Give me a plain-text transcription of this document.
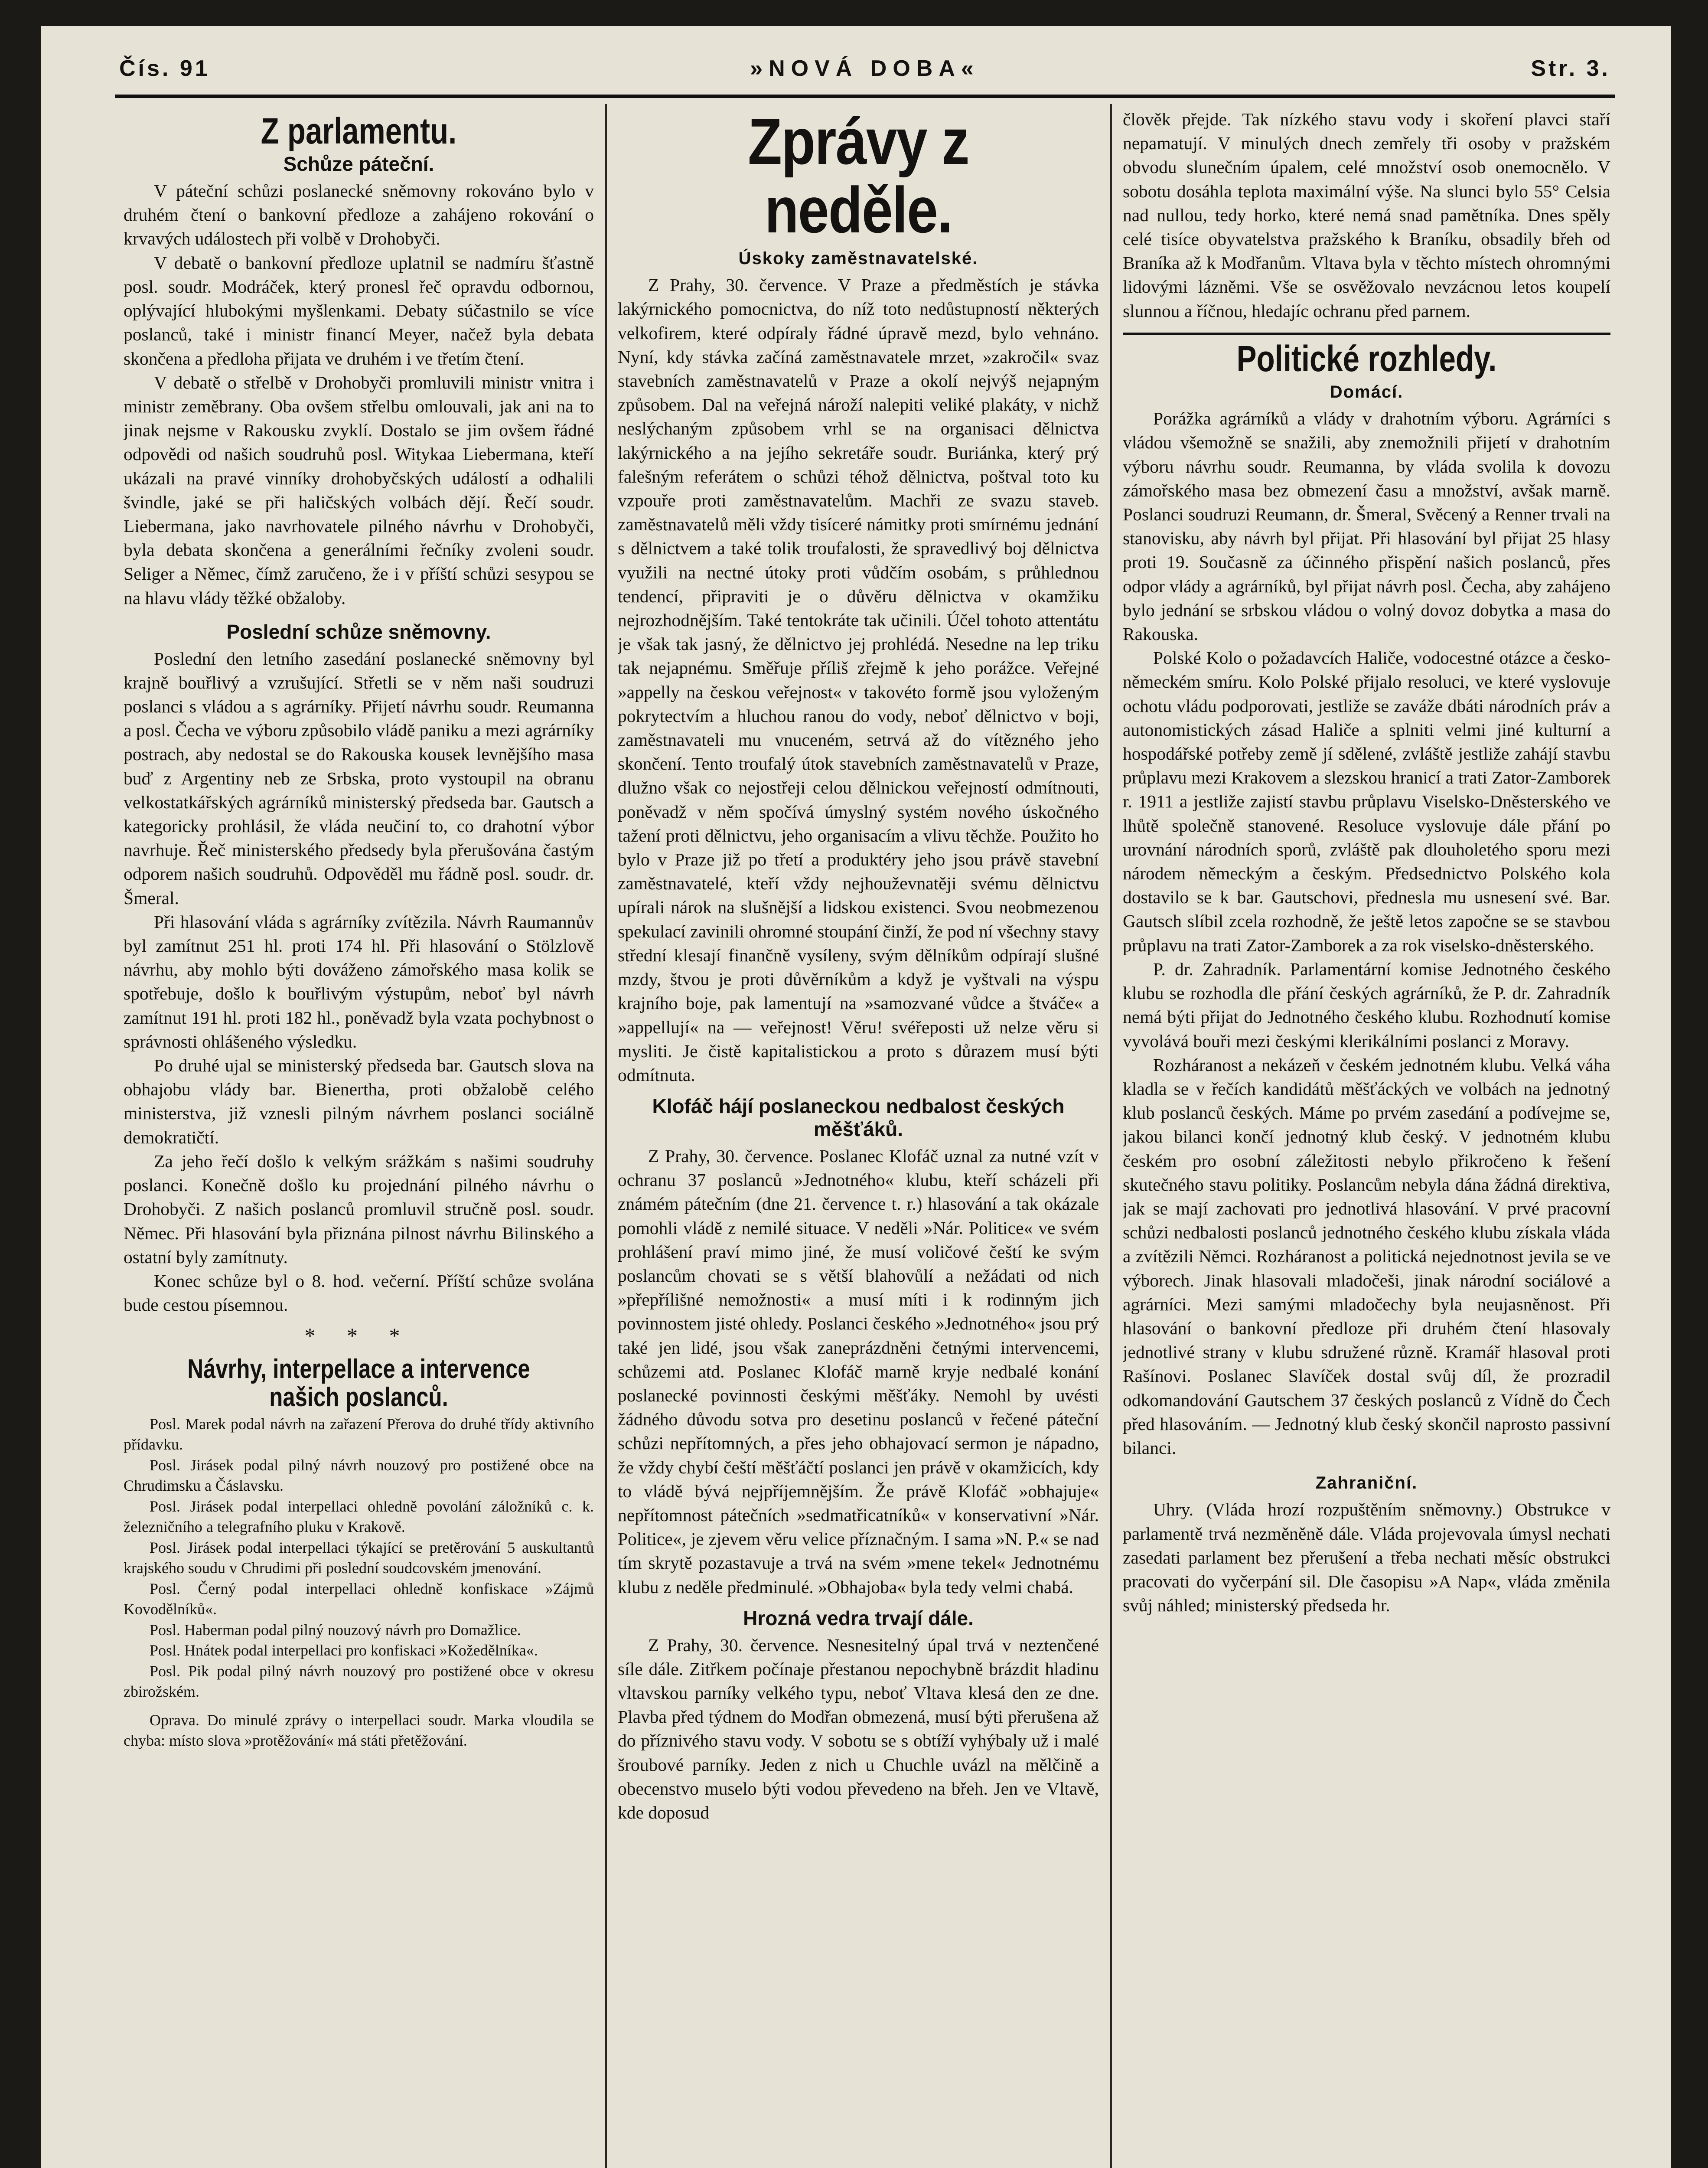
Čís. 91	»NOVÁ DOBA«	Str. 3.
Z parlamentu.
Schůze páteční.

V páteční schůzi poslanecké sněmovny rokováno bylo v druhém čtení o bankovní předloze a zahájeno rokování o krvavých událostech při volbě v Drohobyči.

V debatě o bankovní předloze uplatnil se nadmíru šťastně posl. soudr. Modráček, který pronesl řeč opravdu odbornou, oplývající hlubokými myšlenkami. Debaty súčastnilo se více poslanců, také i ministr financí Meyer, načež byla debata skončena a předloha přijata ve druhém i ve třetím čtení.

V debatě o střelbě v Drohobyči promluvili ministr vnitra i ministr zeměbrany. Oba ovšem střelbu omlouvali, jak ani na to jinak nejsme v Rakousku zvyklí. Dostalo se jim ovšem řádné odpovědi od našich soudruhů posl. Witykaa Liebermana, kteří ukázali na pravé vinníky drohobyčských událostí a odhalili švindle, jaké se při haličských volbách dějí. Řečí soudr. Liebermana, jako navrhovatele pilného návrhu v Drohobyči, byla debata skončena a generálními řečníky zvoleni soudr. Seliger a Němec, čímž zaručeno, že i v příští schůzi sesypou se na hlavu vlády těžké obžaloby.

Poslední schůze sněmovny.

Poslední den letního zasedání poslanecké sněmovny byl krajně bouřlivý a vzrušující. Střetli se v něm naši soudruzi poslanci s vládou a s agrárníky. Přijetí návrhu soudr. Reumanna a posl. Čecha ve výboru způsobilo vládě paniku a mezi agrárníky postrach, aby nedostal se do Rakouska kousek levnějšího masa buď z Argentiny neb ze Srbska, proto vystoupil na obranu velkostatkářských agrárníků ministerský předseda bar. Gautsch a kategoricky prohlásil, že vláda neučiní to, co drahotní výbor navrhuje. Řeč ministerského předsedy byla přerušována častým odporem našich soudruhů. Odpověděl mu řádně posl. soudr. dr. Šmeral.

Při hlasování vláda s agrárníky zvítězila. Návrh Raumannův byl zamítnut 251 hl. proti 174 hl. Při hlasování o Stölzlově návrhu, aby mohlo býti dováženo zámořského masa kolik se spotřebuje, došlo k bouřlivým výstupům, neboť byl návrh zamítnut 191 hl. proti 182 hl., poněvadž byla vzata pochybnost o správnosti ohlášeného výsledku.

Po druhé ujal se ministerský předseda bar. Gautsch slova na obhajobu vlády bar. Bienertha, proti obžalobě celého ministerstva, již vznesli pilným návrhem poslanci sociálně demokratičtí.

Za jeho řečí došlo k velkým srážkám s našimi soudruhy poslanci. Konečně došlo ku projednání pilného návrhu o Drohobyči. Z našich poslanců promluvil stručně posl. soudr. Němec. Při hlasování byla přiznána pilnost návrhu Bilinského a ostatní byly zamítnuty.

Konec schůze byl o 8. hod. večerní. Příští schůze svolána bude cestou písemnou.

* * *
Návrhy, interpellace a intervence našich poslanců.

Posl. Marek podal návrh na zařazení Přerova do druhé třídy aktivního přídavku.

Posl. Jirásek podal pilný návrh nouzový pro postižené obce na Chrudimsku a Čáslavsku.

Posl. Jirásek podal interpellaci ohledně povolání záložníků c. k. železničního a telegrafního pluku v Krakově.

Posl. Jirásek podal interpellaci týkající se pretěrování 5 auskultantů krajského soudu v Chrudimi při poslední soudcovském jmenování.

Posl. Černý podal interpellaci ohledně konfiskace »Zájmů Kovodělníků«.

Posl. Haberman podal pilný nouzový návrh pro Domažlice.

Posl. Hnátek podal interpellaci pro konfiskaci »Kožedělníka«.

Posl. Pik podal pilný návrh nouzový pro postižené obce v okresu zbirožském.

Oprava. Do minulé zprávy o interpellaci soudr. Marka vloudila se chyba: místo slova »protěžování« má státi přetěžování.

Zprávy z neděle.
Úskoky zaměstnavatelské.

Z Prahy, 30. července. V Praze a předměstích je stávka lakýrnického pomocnictva, do níž toto nedůstupností některých velkofirem, které odpíraly řádné úpravě mezd, bylo vehnáno. Nyní, kdy stávka začíná zaměstnavatele mrzet, »zakročil« svaz stavebních zaměstnavatelů v Praze a okolí nejvýš nejapným způsobem. Dal na veřejná nároží nalepiti veliké plakáty, v nichž neslýchaným způsobem vrhl se na organisaci dělnictva lakýrnického a na jejího sekretáře soudr. Buriánka, který prý falešným referátem o schůzi téhož dělnictva, poštval toto ku vzpouře proti zaměstnavatelům. Machři ze svazu staveb. zaměstnavatelů měli vždy tisíceré námitky proti smírnému jednání s dělnictvem a také tolik troufalosti, že spravedlivý boj dělnictva využili na nectné útoky proti vůdčím osobám, s průhlednou tendencí, připraviti je o důvěru dělnictva v okamžiku nejrozhodnějším. Také tentokráte tak učinili. Účel tohoto attentátu je však tak jasný, že dělnictvo jej prohlédá. Nesedne na lep triku tak nejapnému. Směřuje příliš zřejmě k jeho porážce. Veřejné »appelly na českou veřejnost« v takovéto formě jsou vyloženým pokrytectvím a hluchou ranou do vody, neboť dělnictvo v boji, zaměstnavateli mu vnuceném, setrvá až do vítězného jeho skončení. Tento troufalý útok stavebních zaměstnavatelů v Praze, dlužno však co nejostřeji celou dělnickou veřejností odmítnouti, poněvadž v něm spočívá úmyslný systém nového úskočného tažení proti dělnictvu, jeho organisacím a vlivu těchže. Použito ho bylo v Praze již po třetí a produktéry jeho jsou právě stavební zaměstnavatelé, kteří vždy nejhouževnatěji svému dělnictvu upírali nárok na slušnější a lidskou existenci. Svou neobmezenou spekulací zavinili ohromné stoupání činží, že pod ní všechny stavy střední klesají finančně vysíleny, svým dělníkům odpírají slušné mzdy, štvou je proti důvěrníkům a když je vyštvali na výspu krajního boje, pak lamentují na »samozvané vůdce a štváče« a »appellují« na — veřejnost! Věru! svéřeposti už nelze věru si mysliti. Je čistě kapitalistickou a proto s důrazem musí býti odmítnuta.

Klofáč hájí poslaneckou nedbalost českých měšťáků.

Z Prahy, 30. července. Poslanec Klofáč uznal za nutné vzít v ochranu 37 poslanců »Jednotného« klubu, kteří scházeli při známém pátečním (dne 21. července t. r.) hlasování a tak okázale pomohli vládě z nemilé situace. V neděli »Nár. Politice« ve svém prohlášení praví mimo jiné, že musí voličové čeští ke svým poslancům chovati se s větší blahovůlí a nežádati od nich »přepřílišné nemožnosti« a musí míti i k rodinným jich povinnostem jisté ohledy. Poslanci českého »Jednotného« jsou prý také jen lidé, jsou však zaneprázdněni četnými intervencemi, schůzemi atd. Poslanec Klofáč marně kryje nedbalé konání poslanecké povinnosti českými měšťáky. Nemohl by uvésti žádného důvodu sotva pro desetinu poslanců v řečené páteční schůzi nepřítomných, a přes jeho obhajovací sermon je nápadno, že vždy chybí čeští měšťáčtí poslanci jen právě v okamžicích, kdy to vládě bývá nejpříjemnějším. Že právě Klofáč »obhajuje« nepřítomnost pátečních »sedmatřicatníků« v konservativní »Nár. Politice«, je zjevem věru velice příznačným. I sama »N. P.« se nad tím skrytě pozastavuje a trvá na svém »mene tekel« Jednotnému klubu z neděle předminulé. »Obhajoba« byla tedy velmi chabá.

Hrozná vedra trvají dále.

Z Prahy, 30. července. Nesnesitelný úpal trvá v neztenčené síle dále. Zitřkem počínaje přestanou nepochybně brázdit hladinu vltavskou parníky velkého typu, neboť Vltava klesá den ze dne. Plavba před týdnem do Modřan obmezená, musí býti přerušena až do příznivého stavu vody. V sobotu se s obtíží vyhýbaly už i malé šroubové parníky. Jeden z nich u Chuchle uvázl na mělčině a obecenstvo muselo býti vodou převedeno na břeh. Jen ve Vltavě, kde doposud

člověk přejde. Tak nízkého stavu vody i skoření plavci staří nepamatují. V minulých dnech zemřely tři osoby v pražském obvodu slunečním úpalem, celé množství osob onemocnělo. V sobotu dosáhla teplota maximální výše. Na slunci bylo 55° Celsia nad nullou, tedy horko, které nemá snad pamětníka. Dnes spěly celé tisíce obyvatelstva pražského k Braníku, obsadily břeh od Braníka až k Modřanům. Vltava byla v těchto místech ohromnými lidovými lázněmi. Vše se osvěžovalo nevzácnou letos koupelí slunnou a říčnou, hledajíc ochranu před parnem.

Politické rozhledy.
Domácí.

Porážka agrárníků a vlády v drahotním výboru. Agrárníci s vládou všemožně se snažili, aby znemožnili přijetí v drahotním výboru návrhu soudr. Reumanna, by vláda svolila k dovozu zámořského masa bez obmezení času a množství, avšak marně. Poslanci soudruzi Reumann, dr. Šmeral, Svěcený a Renner trvali na stanovisku, aby návrh byl přijat. Při hlasování byl přijat 25 hlasy proti 19. Současně za účinného přispění našich poslanců, přes odpor vlády a agrárníků, byl přijat návrh posl. Čecha, aby zahájeno bylo jednání se srbskou vládou o volný dovoz dobytka a masa do Rakouska.

Polské Kolo o požadavcích Haliče, vodocestné otázce a česko-německém smíru. Kolo Polské přijalo resoluci, ve které vyslovuje ochotu vládu podporovati, jestliže se zaváže dbáti národních práv a autonomistických zásad Haliče a splniti velmi jiné kulturní a hospodářské potřeby země jí sdělené, zvláště jestliže zahájí stavbu průplavu mezi Krakovem a slezskou hranicí a trati Zator-Zamborek r. 1911 a jestliže zajistí stavbu průplavu Viselsko-Dněsterského ve lhůtě společně stanovené. Resoluce vyslovuje dále přání po urovnání národních sporů, zvláště pak dlouholetého sporu mezi národem německým a českým. Předsednictvo Polského kola dostavilo se k bar. Gautschovi, přednesla mu usnesení své. Bar. Gautsch slíbil zcela rozhodně, že ještě letos započne se se stavbou průplavu na trati Zator-Zamborek a za rok viselsko-dněsterského.

P. dr. Zahradník. Parlamentární komise Jednotného českého klubu se rozhodla dle přání českých agrárníků, že P. dr. Zahradník nemá býti přijat do Jednotného českého klubu. Rozhodnutí komise vyvolává bouři mezi českými klerikálními poslanci z Moravy.

Rozháranost a nekázeň v českém jednotném klubu. Velká váha kladla se v řečích kandidátů měšťáckých ve volbách na jednotný klub poslanců českých. Máme po prvém zasedání a podívejme se, jakou bilanci končí jednotný klub český. V jednotném klubu českém pro osobní záležitosti nebylo přikročeno k řešení skutečného stavu politiky. Poslancům nebyla dána žádná direktiva, jak se mají zachovati pro jednotlivá hlasování. V prvé pracovní schůzi nedbalosti poslanců jednotného českého klubu získala vláda a zvítězili Němci. Rozháranost a politická nejednotnost jevila se ve výborech. Jinak hlasovali mladočeši, jinak národní sociálové a agrárníci. Mezi samými mladočechy byla neujasněnost. Při hlasování o bankovní předloze při druhém čtení hlasovaly jednotlivé strany v klubu sdružené různě. Kramář hlasoval proti Rašínovi. Poslanec Slavíček dostal svůj díl, že prozradil odkomandování Gautschem 37 českých poslanců z Vídně do Čech před hlasováním. — Jednotný klub český skončil naprosto passivní bilanci.

Zahraniční.

Uhry. (Vláda hrozí rozpuštěním sněmovny.) Obstrukce v parlamentě trvá nezměněně dále. Vláda projevovala úmysl nechati zasedati parlament bez přerušení a třeba nechati měsíc obstrukci pracovati do vyčerpání sil. Dle časopisu »A Nap«, vláda změnila svůj náhled; ministerský předseda hr.
